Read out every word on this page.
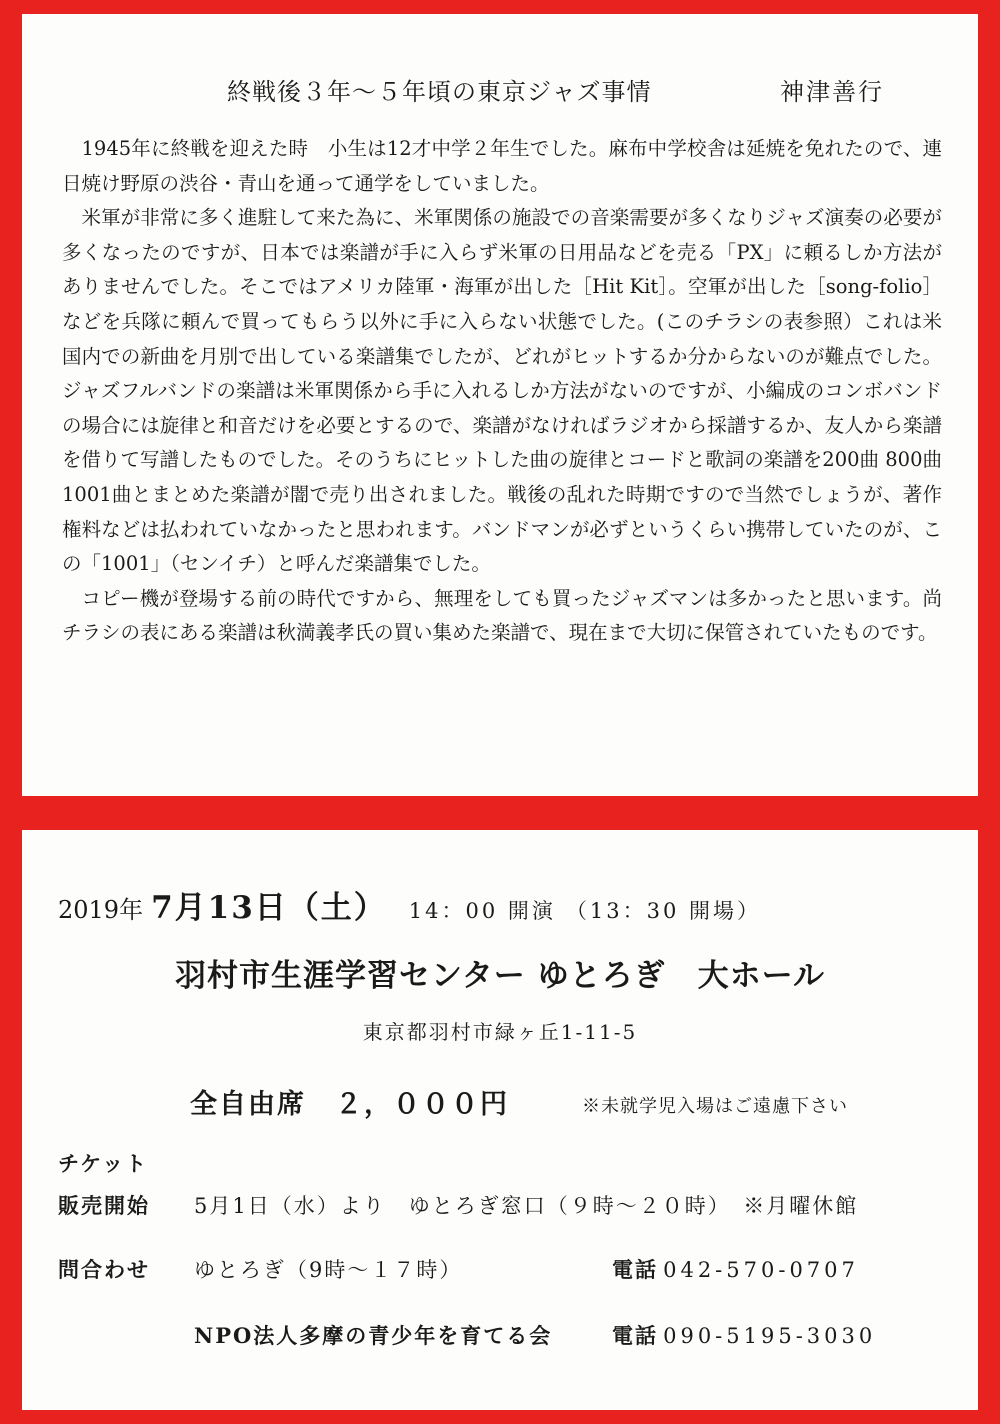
終戦後３年〜５年頃の東京ジャズ事情	神津善行

1945年に終戦を迎えた時　小生は12才中学２年生でした。麻布中学校舎は延焼を免れたので、連日焼け野原の渋谷・青山を通って通学をしていました。

米軍が非常に多く進駐して来た為に、米軍関係の施設での音楽需要が多くなりジャズ演奏の必要が多くなったのですが、日本では楽譜が手に入らず米軍の日用品などを売る「PX」に頼るしか方法がありませんでした。そこではアメリカ陸軍・海軍が出した［Hit Kit］。空軍が出した［song-folio］などを兵隊に頼んで買ってもらう以外に手に入らない状態でした。(このチラシの表参照）これは米国内での新曲を月別で出している楽譜集でしたが、どれがヒットするか分からないのが難点でした。ジャズフルバンドの楽譜は米軍関係から手に入れるしか方法がないのですが、小編成のコンボバンドの場合には旋律と和音だけを必要とするので、楽譜がなければラジオから採譜するか、友人から楽譜を借りて写譜したものでした。そのうちにヒットした曲の旋律とコードと歌詞の楽譜を200曲 800曲 1001曲とまとめた楽譜が闇で売り出されました。戦後の乱れた時期ですので当然でしょうが、著作権料などは払われていなかったと思われます。バンドマンが必ずというくらい携帯していたのが、この「1001」（センイチ）と呼んだ楽譜集でした。

コピー機が登場する前の時代ですから、無理をしても買ったジャズマンは多かったと思います。尚チラシの表にある楽譜は秋満義孝氏の買い集めた楽譜で、現在まで大切に保管されていたものです。

2019年 7月13日（土） 14：00 開演 （13：30 開場）
羽村市生涯学習センター ゆとろぎ　大ホール
東京都羽村市緑ヶ丘1-11-5
全自由席　２，０００円	※未就学児入場はご遠慮下さい
チケット
販売開始 5月1日（水）より　ゆとろぎ窓口（９時〜２０時）　※月曜休館
問合わせ ゆとろぎ（9時〜１７時）	電話 042-570-0707
NPO法人多摩の青少年を育てる会	電話 090-5195-3030
